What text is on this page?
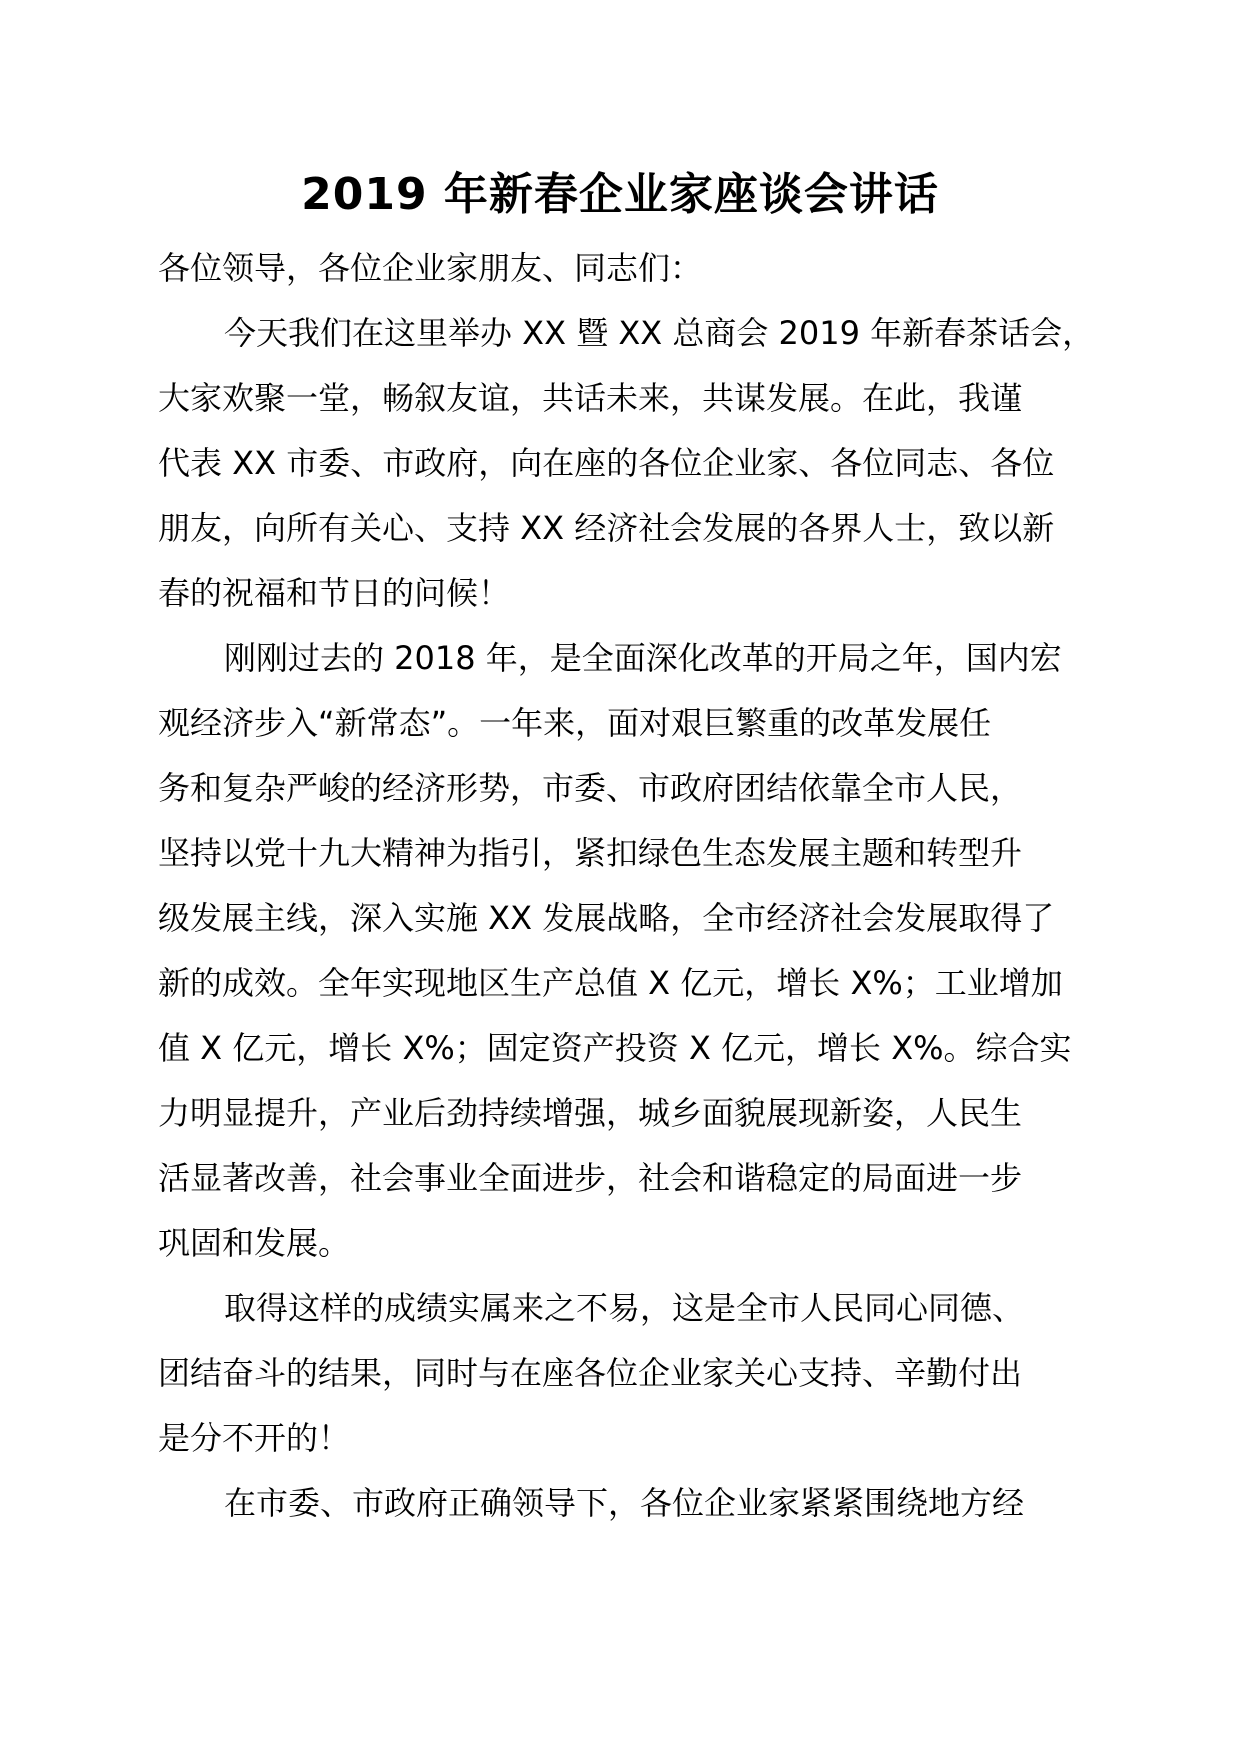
2019 年新春企业家座谈会讲话
各位领导，各位企业家朋友、同志们：
今天我们在这里举办 XX 暨 XX 总商会 2019 年新春茶话会，
大家欢聚一堂，畅叙友谊，共话未来，共谋发展。在此，我谨
代表 XX 市委、市政府，向在座的各位企业家、各位同志、各位
朋友，向所有关心、支持 XX 经济社会发展的各界人士，致以新
春的祝福和节日的问候！
刚刚过去的 2018 年，是全面深化改革的开局之年，国内宏
观经济步入“新常态”。一年来，面对艰巨繁重的改革发展任
务和复杂严峻的经济形势，市委、市政府团结依靠全市人民，
坚持以党十九大精神为指引，紧扣绿色生态发展主题和转型升
级发展主线，深入实施 XX 发展战略，全市经济社会发展取得了
新的成效。全年实现地区生产总值 X 亿元，增长 X%；工业增加
值 X 亿元，增长 X%；固定资产投资 X 亿元，增长 X%。综合实
力明显提升，产业后劲持续增强，城乡面貌展现新姿，人民生
活显著改善，社会事业全面进步，社会和谐稳定的局面进一步
巩固和发展。
取得这样的成绩实属来之不易，这是全市人民同心同德、
团结奋斗的结果，同时与在座各位企业家关心支持、辛勤付出
是分不开的！
在市委、市政府正确领导下，各位企业家紧紧围绕地方经
